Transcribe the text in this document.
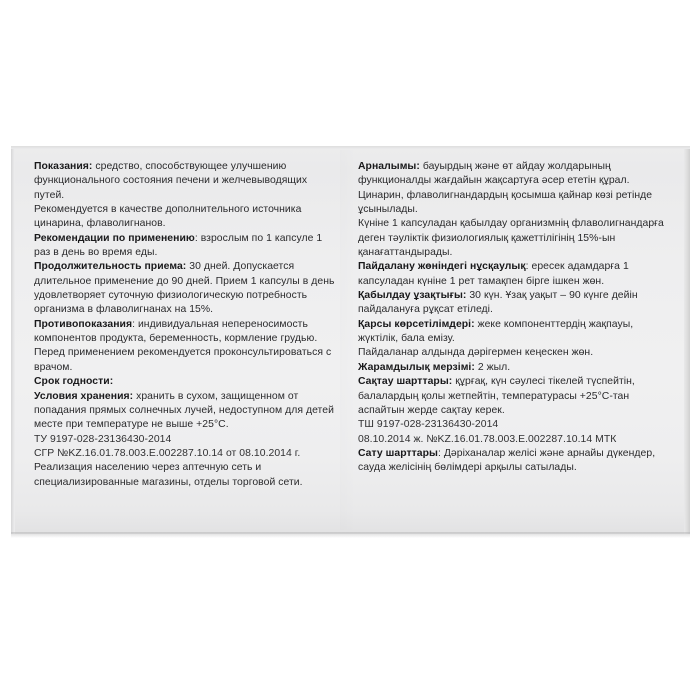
Показания: средство, способствующее улучшению функционального состояния печени и желчевыводящих путей.

Рекомендуется в качестве дополнительного источника цинарина, флаволигнанов.

Рекомендации по применению: взрослым по 1 капсуле 1 раз в день во время еды.

Продолжительность приема: 30 дней. Допускается длительное применение до 90 дней. Прием 1 капсулы в день удовлетворяет суточную физиологическую потребность организма в флаволигнанах на 15%.

Противопоказания: индивидуальная непереносимость компонентов продукта, беременность, кормление грудью. Перед применением рекомендуется проконсультироваться с врачом.

Срок годности:

Условия хранения: хранить в сухом, защищенном от попадания прямых солнечных лучей, недоступном для детей месте при температуре не выше +25°C.

ТУ 9197-028-23136430-2014

СГР №KZ.16.01.78.003.E.002287.10.14 от 08.10.2014 г.

Реализация населению через аптечную сеть и специализированные магазины, отделы торговой сети.

Арналымы: бауырдың және өт айдау жолдарының функционалды жағдайын жақсартуға әсер ететін құрал.

Цинарин, флаволигнандардың қосымша қайнар көзі ретінде ұсынылады.

Күніне 1 капсуладан қабылдау организмнің флаволигнандарға деген тәуліктік физиологиялық қажеттілігінің 15%-ын қанағаттандырады.

Пайдалану жөніндегі нұсқаулық: ересек адамдарға 1 капсуладан күніне 1 рет тамақпен бірге ішкен жөн.

Қабылдау ұзақтығы: 30 күн. Ұзақ уақыт – 90 күнге дейін пайдалануға рұқсат етіледі.

Қарсы көрсетілімдері: жеке компоненттердің жақпауы, жүктілік, бала емізу.

Пайдаланар алдында дәрігермен кеңескен жөн.

Жарамдылық мерзімі: 2 жыл.

Сақтау шарттары: құрғақ, күн сәулесі тікелей түспейтін, балалардың қолы жетпейтін, температурасы +25°C-тан аспайтын жерде сақтау керек.

ТШ 9197-028-23136430-2014

08.10.2014 ж. №KZ.16.01.78.003.E.002287.10.14 МТК

Сату шарттары: Дәріханалар желісі және арнайы дүкендер, сауда желісінің бөлімдері арқылы сатылады.
